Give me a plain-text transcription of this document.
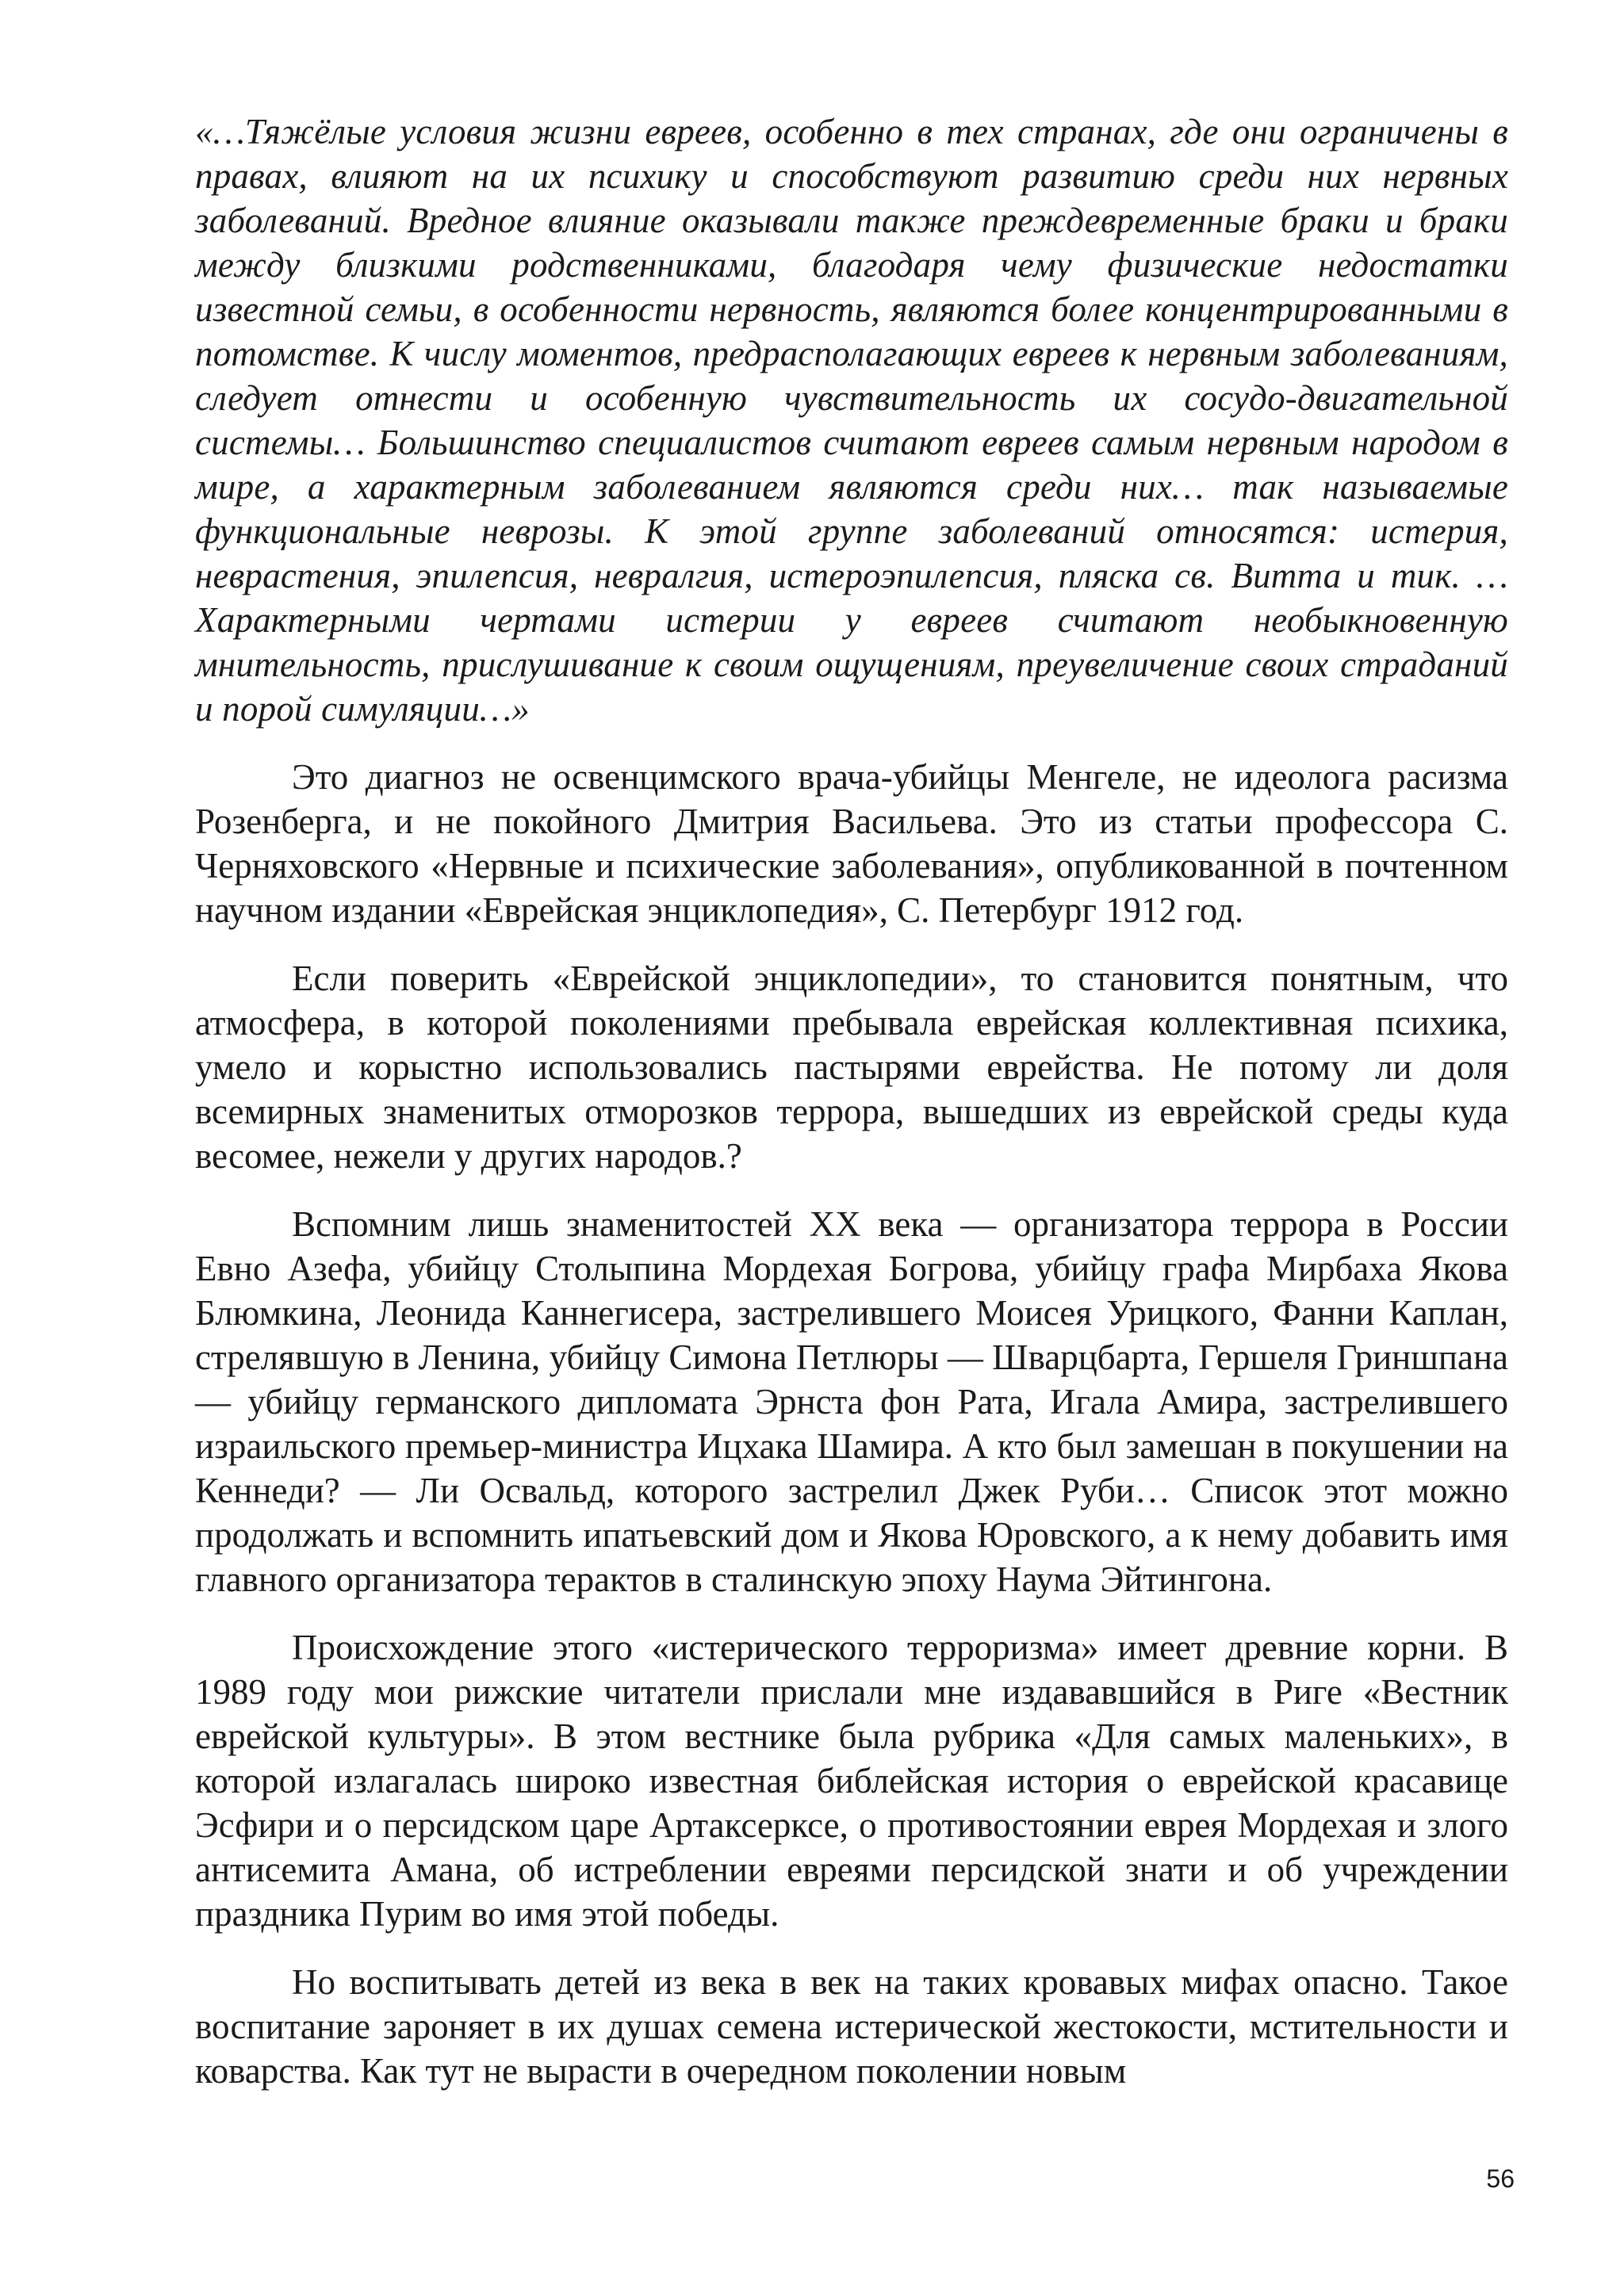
«…Тяжёлые условия жизни евреев, особенно в тех странах, где они ограничены в правах, влияют на их психику и способствуют развитию среди них нервных заболеваний. Вредное влияние оказывали также преждевременные браки и браки между близкими родственниками, благодаря чему физические недостатки известной семьи, в особенности нервность, являются более концентрированными в потомстве. К числу моментов, предрасполагающих евреев к нервным заболеваниям, следует отнести и особенную чувствительность их сосудо-двигательной системы… Большинство специалистов считают евреев самым нервным народом в мире, а характерным заболеванием являются среди них… так называемые функциональные неврозы. К этой группе заболеваний относятся: истерия, неврастения, эпилепсия, невралгия, истероэпилепсия, пляска св. Витта и тик. …Характерными чертами истерии у евреев считают необыкновенную мнительность, прислушивание к своим ощущениям, преувеличение своих страданий и порой симуляции…»

Это диагноз не освенцимского врача-убийцы Менгеле, не идеолога расизма Розенберга, и не покойного Дмитрия Васильева. Это из статьи профессора С. Черняховского «Нервные и психические заболевания», опубликованной в почтенном научном издании «Еврейская энциклопедия», С. Петербург 1912 год.

Если поверить «Еврейской энциклопедии», то становится понятным, что атмосфера, в которой поколениями пребывала еврейская коллективная психика, умело и корыстно использовались пастырями еврейства. Не потому ли доля всемирных знаменитых отморозков террора, вышедших из еврейской среды куда весомее, нежели у других народов.?

Вспомним лишь знаменитостей XX века — организатора террора в России Евно Азефа, убийцу Столыпина Мордехая Богрова, убийцу графа Мирбаха Якова Блюмкина, Леонида Каннегисера, застрелившего Моисея Урицкого, Фанни Каплан, стрелявшую в Ленина, убийцу Симона Петлюры — Шварцбарта, Гершеля Гриншпана — убийцу германского дипломата Эрнста фон Рата, Игала Амира, застрелившего израильского премьер-министра Ицхака Шамира. А кто был замешан в покушении на Кеннеди? — Ли Освальд, которого застрелил Джек Руби… Список этот можно продолжать и вспомнить ипатьевский дом и Якова Юровского, а к нему добавить имя главного организатора терактов в сталинскую эпоху Наума Эйтингона.

Происхождение этого «истерического терроризма» имеет древние корни. В 1989 году мои рижские читатели прислали мне издававшийся в Риге «Вестник еврейской культуры». В этом вестнике была рубрика «Для самых маленьких», в которой излагалась широко известная библейская история о еврейской красавице Эсфири и о персидском царе Артаксерксе, о противостоянии еврея Мордехая и злого антисемита Амана, об истреблении евреями персидской знати и об учреждении праздника Пурим во имя этой победы.

Но воспитывать детей из века в век на таких кровавых мифах опасно. Такое воспитание зароняет в их душах семена истерической жестокости, мстительности и коварства. Как тут не вырасти в очередном поколении новым

56
